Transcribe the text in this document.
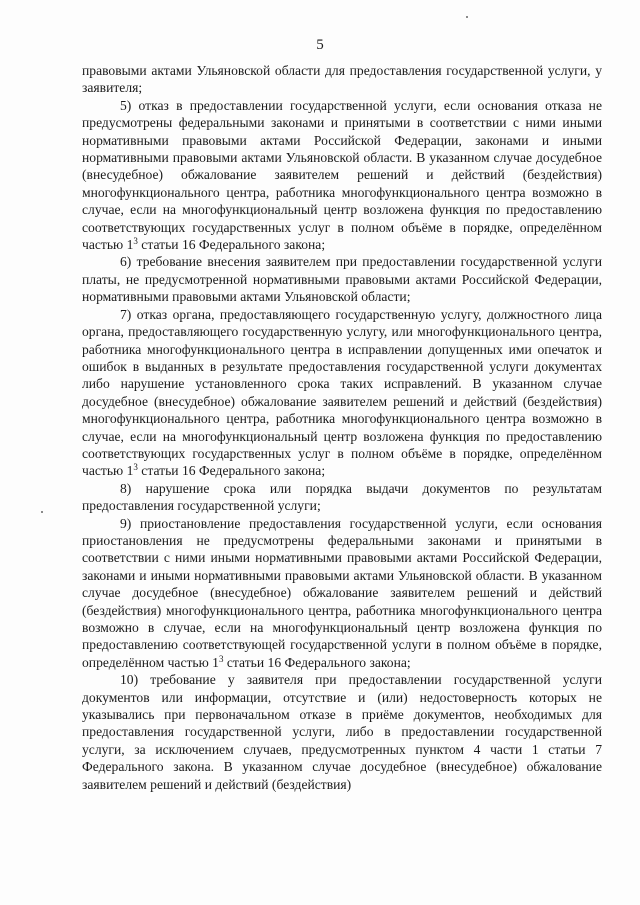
5

правовыми актами Ульяновской области для предоставления государственной услуги, у заявителя;

5) отказ в предоставлении государственной услуги, если основания отказа не предусмотрены федеральными законами и принятыми в соответствии с ними иными нормативными правовыми актами Российской Федерации, законами и иными нормативными правовыми актами Ульяновской области. В указанном случае досудебное (внесудебное) обжалование заявителем решений и действий (бездействия) многофункционального центра, работника многофункционального центра возможно в случае, если на многофункциональный центр возложена функция по предоставлению соответствующих государственных услуг в полном объёме в порядке, определённом частью $1^3$ статьи 16 Федерального закона;

6) требование внесения заявителем при предоставлении государственной услуги платы, не предусмотренной нормативными правовыми актами Российской Федерации, нормативными правовыми актами Ульяновской области;

7) отказ органа, предоставляющего государственную услугу, должностного лица органа, предоставляющего государственную услугу, или многофункционального центра, работника многофункционального центра в исправлении допущенных ими опечаток и ошибок в выданных в результате предоставления государственной услуги документах либо нарушение установленного срока таких исправлений. В указанном случае досудебное (внесудебное) обжалование заявителем решений и действий (бездействия) многофункционального центра, работника многофункционального центра возможно в случае, если на многофункциональный центр возложена функция по предоставлению соответствующих государственных услуг в полном объёме в порядке, определённом частью $1^3$ статьи 16 Федерального закона;

8) нарушение срока или порядка выдачи документов по результатам предоставления государственной услуги;

9) приостановление предоставления государственной услуги, если основания приостановления не предусмотрены федеральными законами и принятыми в соответствии с ними иными нормативными правовыми актами Российской Федерации, законами и иными нормативными правовыми актами Ульяновской области. В указанном случае досудебное (внесудебное) обжалование заявителем решений и действий (бездействия) многофункционального центра, работника многофункционального центра возможно в случае, если на многофункциональный центр возложена функция по предоставлению соответствующей государственной услуги в полном объёме в порядке, определённом частью $1^3$ статьи 16 Федерального закона;

10) требование у заявителя при предоставлении государственной услуги документов или информации, отсутствие и (или) недостоверность которых не указывались при первоначальном отказе в приёме документов, необходимых для предоставления государственной услуги, либо в предоставлении государственной услуги, за исключением случаев, предусмотренных пунктом 4 части 1 статьи 7 Федерального закона. В указанном случае досудебное (внесудебное) обжалование заявителем решений и действий (бездействия)
